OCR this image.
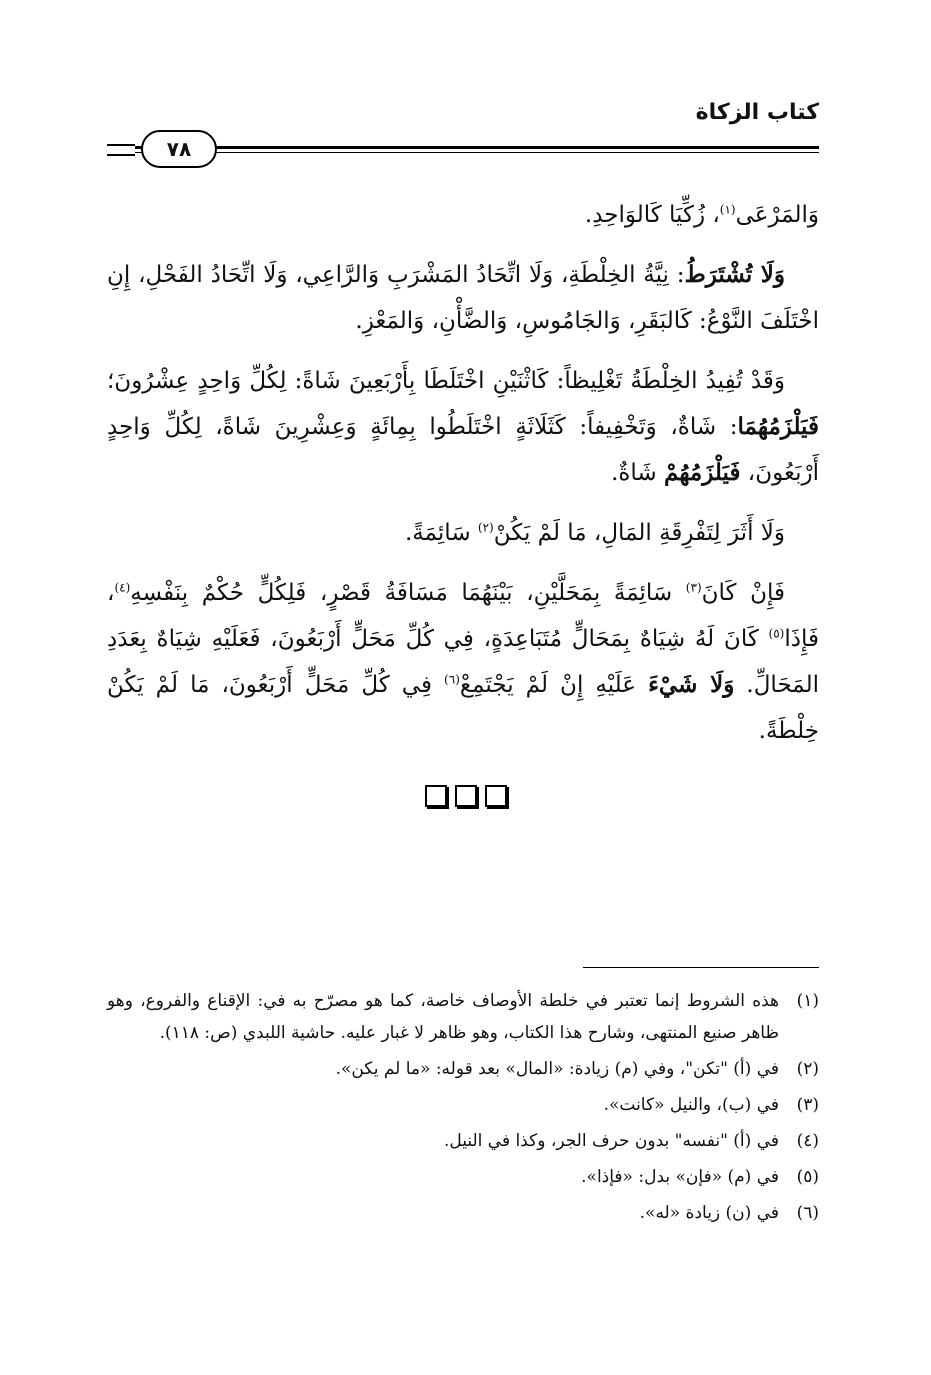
كتاب الزكاة
٧٨

وَالمَرْعَى$^{(١)}$، زُكِّيَا كَالوَاحِدِ.

وَلَا تُشْتَرَطُ: نِيَّةُ الخِلْطَةِ، وَلَا اتِّحَادُ المَشْرَبِ وَالرَّاعِي، وَلَا اتِّحَادُ الفَحْلِ، إِنِ اخْتَلَفَ النَّوْعُ: كَالبَقَرِ، وَالجَامُوسِ، وَالضَّأْنِ، وَالمَعْزِ.

وَقَدْ تُفِيدُ الخِلْطَةُ تَغْلِيظاً: كَاثْنَيْنِ اخْتَلَطَا بِأَرْبَعِينَ شَاةً: لِكُلِّ وَاحِدٍ عِشْرُونَ؛ فَيَلْزَمُهُمَا: شَاةٌ، وَتَخْفِيفاً: كَثَلَاثَةٍ اخْتَلَطُوا بِمِائَةٍ وَعِشْرِينَ شَاةً، لِكُلِّ وَاحِدٍ أَرْبَعُونَ، فَيَلْزَمُهُمْ شَاةٌ.

وَلَا أَثَرَ لِتَفْرِقَةِ المَالِ، مَا لَمْ يَكُنْ$^{(٢)}$ سَائِمَةً.

فَإِنْ كَانَ$^{(٣)}$ سَائِمَةً بِمَحَلَّيْنِ، بَيْنَهُمَا مَسَافَةُ قَصْرٍ، فَلِكُلٍّ حُكْمٌ بِنَفْسِهِ$^{(٤)}$، فَإِذَا$^{(٥)}$ كَانَ لَهُ شِيَاهٌ بِمَحَالٍّ مُتَبَاعِدَةٍ، فِي كُلِّ مَحَلٍّ أَرْبَعُونَ، فَعَلَيْهِ شِيَاهٌ بِعَدَدِ المَحَالِّ. وَلَا شَيْءَ عَلَيْهِ إِنْ لَمْ يَجْتَمِعْ$^{(٦)}$ فِي كُلِّ مَحَلٍّ أَرْبَعُونَ، مَا لَمْ يَكُنْ خِلْطَةً.

(١)
هذه الشروط إنما تعتبر في خلطة الأوصاف خاصة، كما هو مصرّح به في: الإقناع والفروع، وهو ظاهر صنيع المنتهى، وشارح هذا الكتاب، وهو ظاهر لا غبار عليه. حاشية اللبدي (ص: ١١٨).
(٢)
في (أ) "تكن"، وفي (م) زيادة: «المال» بعد قوله: «ما لم يكن».
(٣)
في (ب)، والنيل «كانت».
(٤)
في (أ) "نفسه" بدون حرف الجر، وكذا في النيل.
(٥)
في (م) «فإن» بدل: «فإذا».
(٦)
في (ن) زيادة «له».
